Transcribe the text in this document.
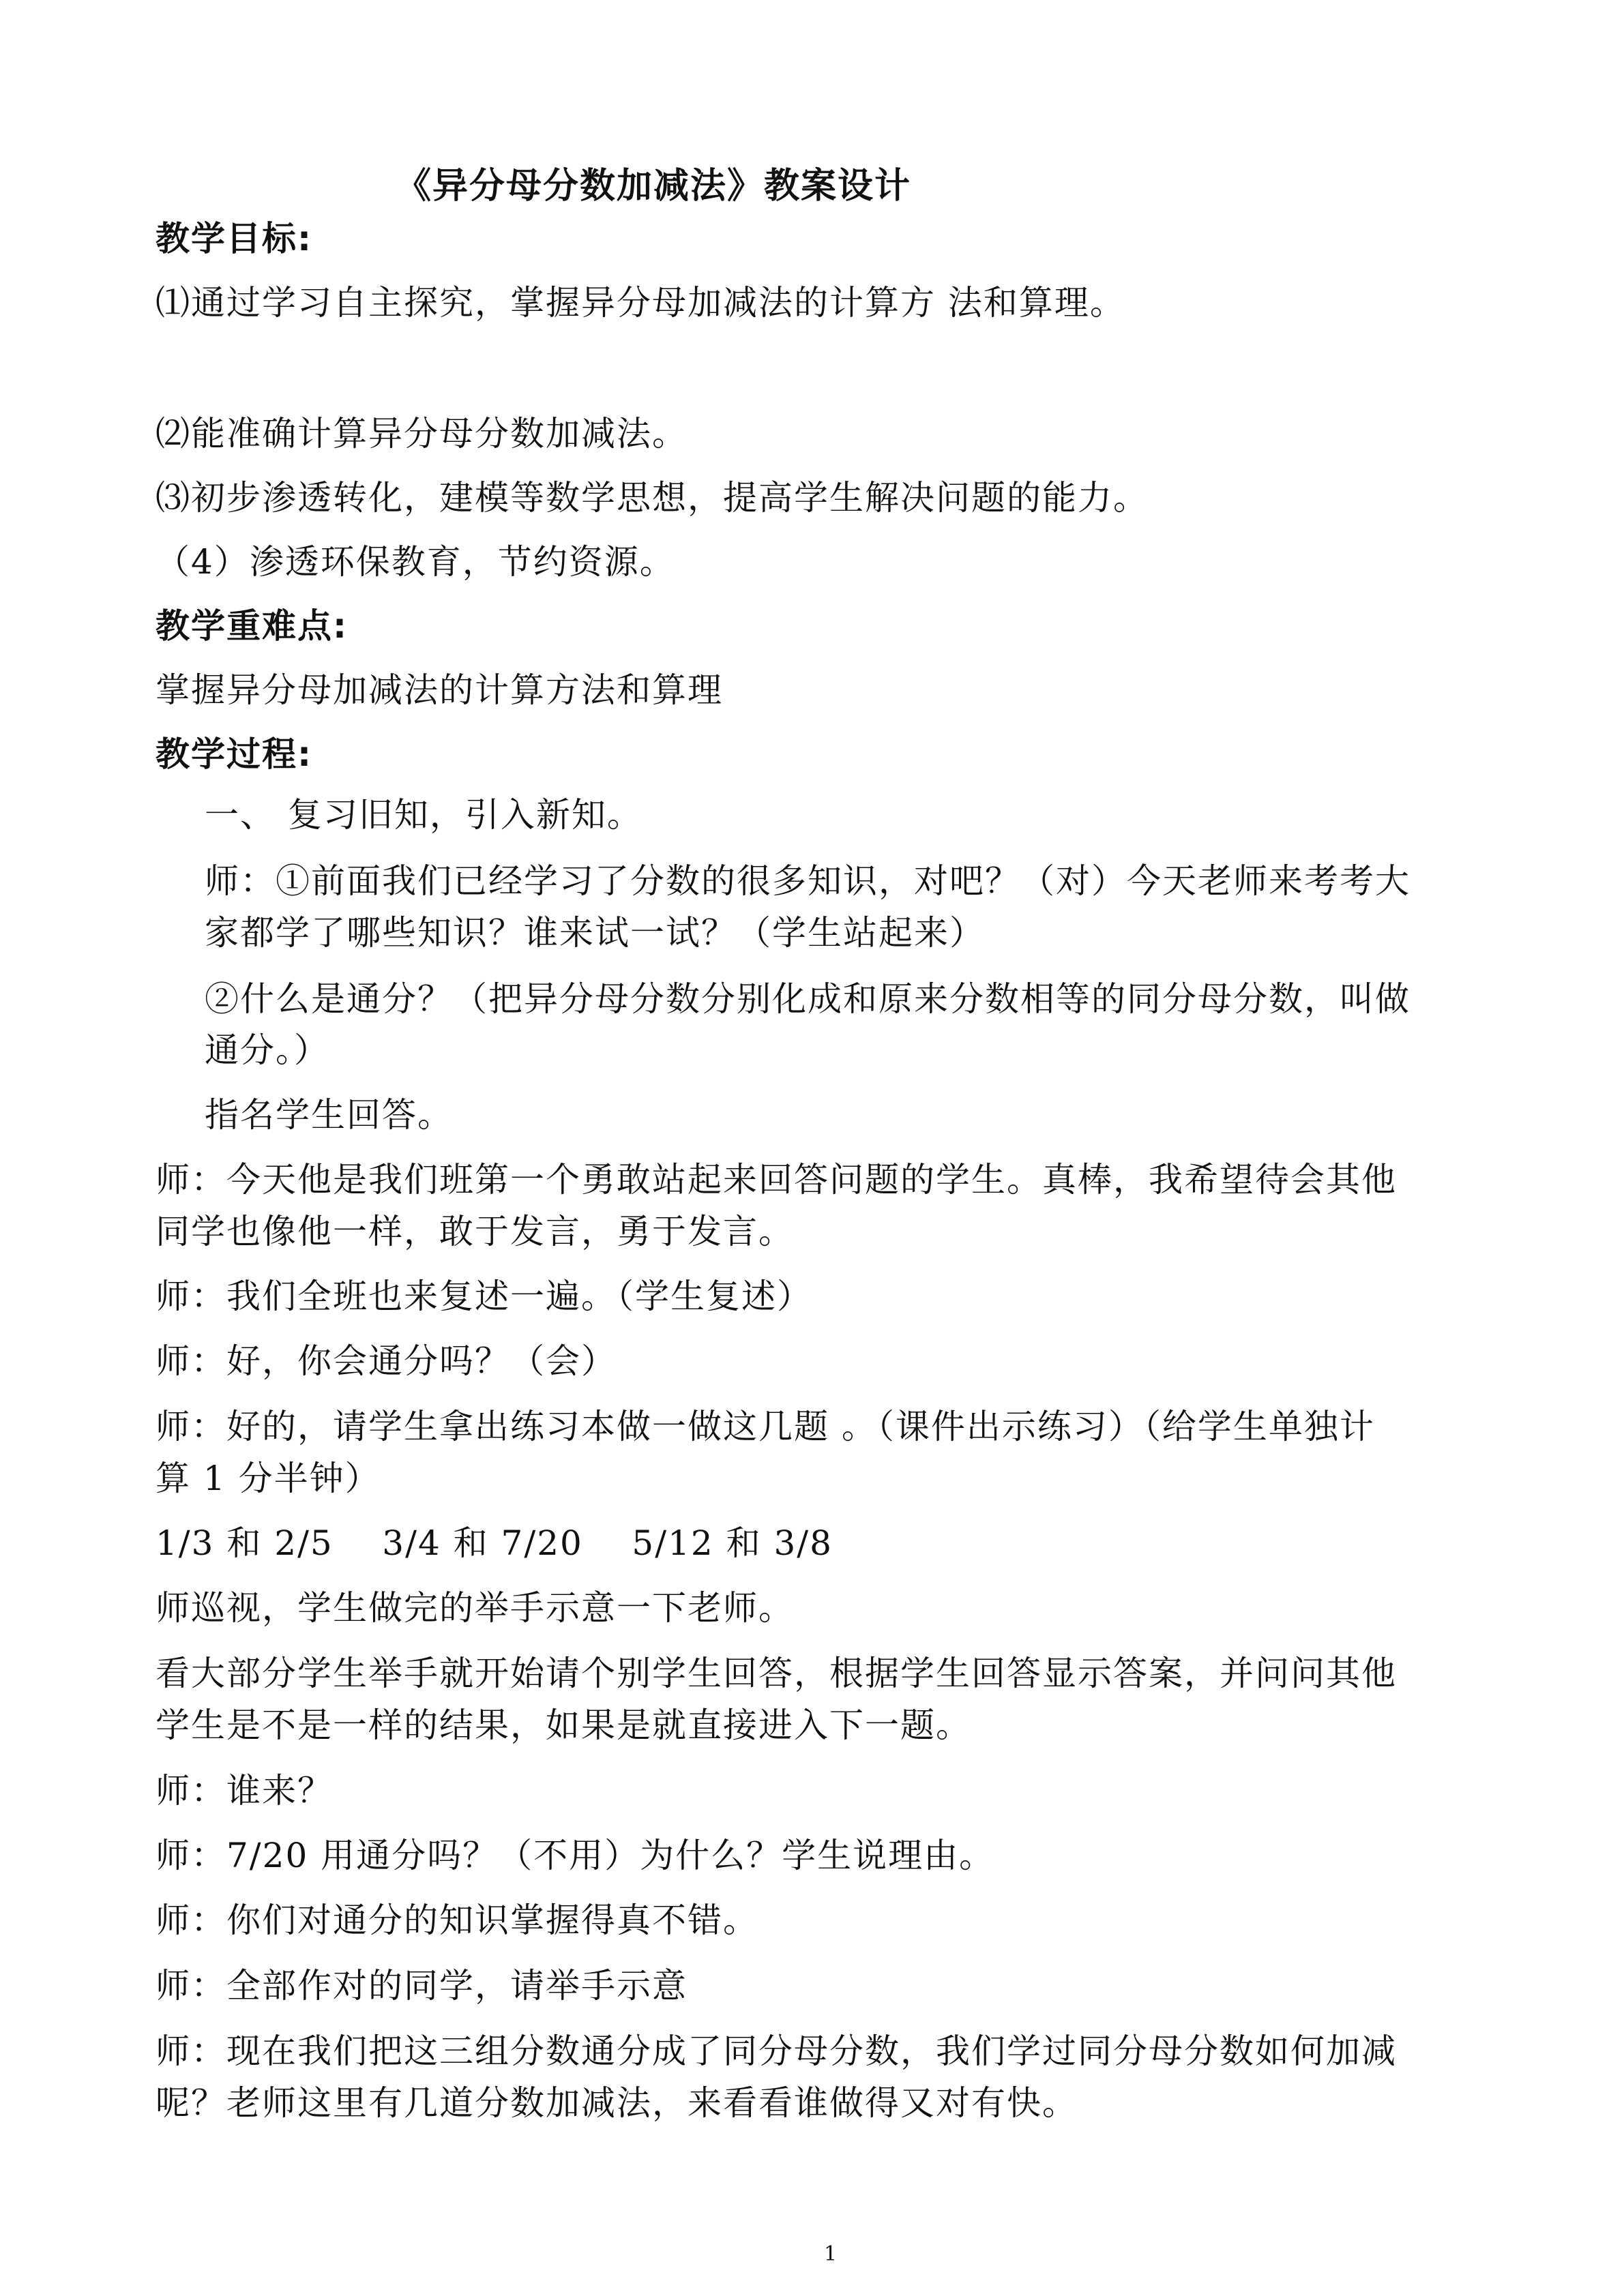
《异分母分数加减法》教案设计
教学目标:
⑴通过学习自主探究，掌握异分母加减法的计算方 法和算理。
⑵能准确计算异分母分数加减法。
⑶初步渗透转化，建模等数学思想，提高学生解决问题的能力。
（4）渗透环保教育，节约资源。
教学重难点:
掌握异分母加减法的计算方法和算理
教学过程:
一、 复习旧知，引入新知。
师：①前面我们已经学习了分数的很多知识，对吧？（对）今天老师来考考大
家都学了哪些知识？谁来试一试？（学生站起来）
②什么是通分？（把异分母分数分别化成和原来分数相等的同分母分数，叫做
通分。）
指名学生回答。
师：今天他是我们班第一个勇敢站起来回答问题的学生。真棒，我希望待会其他
同学也像他一样，敢于发言，勇于发言。
师：我们全班也来复述一遍。（学生复述）
师：好，你会通分吗？（会）
师：好的，请学生拿出练习本做一做这几题 。（课件出示练习）（给学生单独计
算 1 分半钟）
1/3 和 2/5    3/4 和 7/20    5/12 和 3/8
师巡视，学生做完的举手示意一下老师。
看大部分学生举手就开始请个别学生回答，根据学生回答显示答案，并问问其他
学生是不是一样的结果，如果是就直接进入下一题。
师：谁来？
师：7/20 用通分吗？（不用）为什么？学生说理由。
师：你们对通分的知识掌握得真不错。
师：全部作对的同学，请举手示意
师：现在我们把这三组分数通分成了同分母分数，我们学过同分母分数如何加减
呢？老师这里有几道分数加减法，来看看谁做得又对有快。
1
